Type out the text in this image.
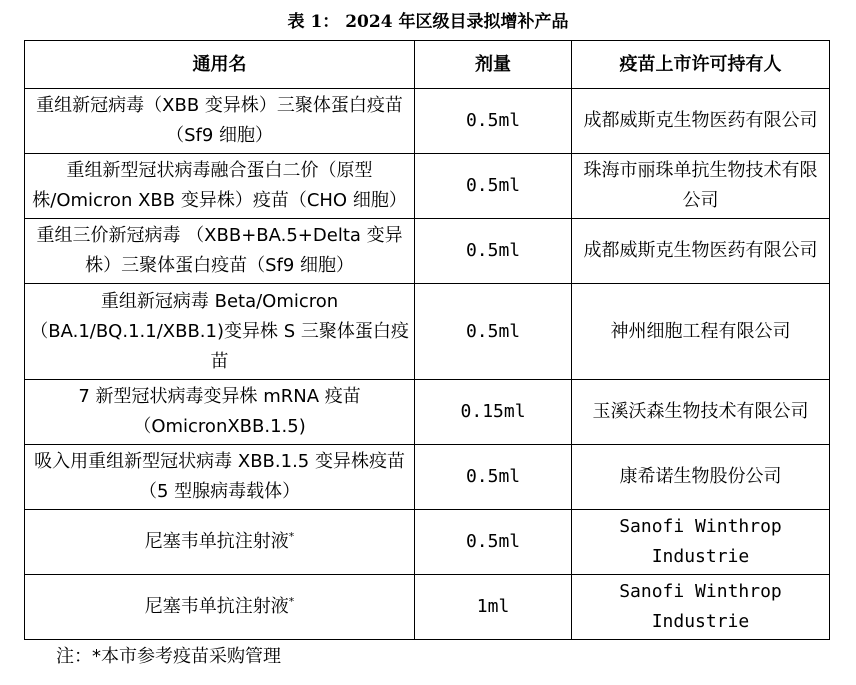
表 1： 2024 年区级目录拟增补产品
通用名	剂量	疫苗上市许可持有人
重组新冠病毒（XBB 变异株）三聚体蛋白疫苗（Sf9 细胞）	0.5ml	成都威斯克生物医药有限公司
重组新型冠状病毒融合蛋白二价（原型株/Omicron XBB 变异株）疫苗（CHO 细胞）	0.5ml	珠海市丽珠单抗生物技术有限公司
重组三价新冠病毒 （XBB+BA.5+Delta 变异株）三聚体蛋白疫苗（Sf9 细胞）	0.5ml	成都威斯克生物医药有限公司
重组新冠病毒 Beta/Omicron（BA.1/BQ.1.1/XBB.1)变异株 S 三聚体蛋白疫苗	0.5ml	神州细胞工程有限公司
7 新型冠状病毒变异株 mRNA 疫苗（OmicronXBB.1.5)	0.15ml	玉溪沃森生物技术有限公司
吸入用重组新型冠状病毒 XBB.1.5 变异株疫苗（5 型腺病毒载体）	0.5ml	康希诺生物股份公司
尼塞韦单抗注射液*	0.5ml	Sanofi Winthrop Industrie
尼塞韦单抗注射液*	1ml	Sanofi Winthrop Industrie
注：*本市参考疫苗采购管理
